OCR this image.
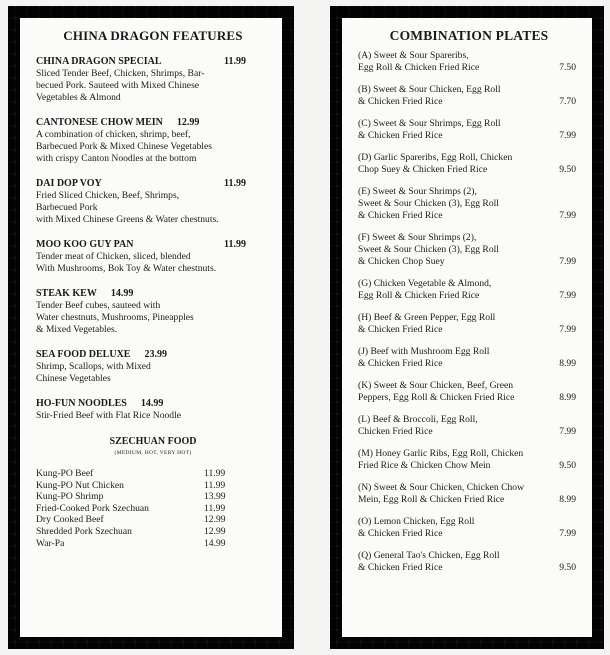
CHINA DRAGON FEATURES
CHINA DRAGON SPECIAL	11.99
Sliced Tender Beef, Chicken, Shrimps, Bar-
becued Pork. Sauteed with Mixed Chinese
Vegetables & Almond
CANTONESE CHOW MEIN 12.99
A combination of chicken, shrimp, beef,
Barbecued Pork & Mixed Chinese Vegetables
with crispy Canton Noodles at the bottom
DAI DOP VOY	11.99
Fried Sliced Chicken, Beef, Shrimps,
Barbecued Pork
with Mixed Chinese Greens & Water chestnuts.
MOO KOO GUY PAN	11.99
Tender meat of Chicken, sliced, blended
With Mushrooms, Bok Toy & Water chestnuts.
STEAK KEW 14.99
Tender Beef cubes, sauteed with
Water chestnuts, Mushrooms, Pineapples
& Mixed Vegetables.
SEA FOOD DELUXE 23.99
Shrimp, Scallops, with Mixed
Chinese Vegetables
HO-FUN NOODLES 14.99
Stir-Fried Beef with Flat Rice Noodle
SZECHUAN FOOD
(MEDIUM, HOT, VERY HOT)
Kung-PO Beef	11.99
Kung-PO Nut Chicken	11.99
Kung-PO Shrimp	13.99
Fried-Cooked Pork Szechuan	11.99
Dry Cooked Beef	12.99
Shredded Pork Szechuan	12.99
War-Pa	14.99
COMBINATION PLATES
(A) Sweet & Sour Spareribs,
Egg Roll & Chicken Fried Rice	7.50
(B) Sweet & Sour Chicken, Egg Roll
& Chicken Fried Rice	7.70
(C) Sweet & Sour Shrimps, Egg Roll
& Chicken Fried Rice	7.99
(D) Garlic Spareribs, Egg Roll, Chicken
Chop Suey & Chicken Fried Rice	9.50
(E) Sweet & Sour Shrimps (2),
Sweet & Sour Chicken (3), Egg Roll
& Chicken Fried Rice	7.99
(F) Sweet & Sour Shrimps (2),
Sweet & Sour Chicken (3), Egg Roll
& Chicken Chop Suey	7.99
(G) Chicken Vegetable & Almond,
Egg Roll & Chicken Fried Rice	7.99
(H) Beef & Green Pepper, Egg Roll
& Chicken Fried Rice	7.99
(J) Beef with Mushroom Egg Roll
& Chicken Fried Rice	8.99
(K) Sweet & Sour Chicken, Beef, Green
Peppers, Egg Roll & Chicken Fried Rice	8.99
(L) Beef & Broccoli, Egg Roll,
Chicken Fried Rice	7.99
(M) Honey Garlic Ribs, Egg Roll, Chicken
Fried Rice & Chicken Chow Mein	9.50
(N) Sweet & Sour Chicken, Chicken Chow
Mein, Egg Roll & Chicken Fried Rice	8.99
(O) Lemon Chicken, Egg Roll
& Chicken Fried Rice	7.99
(Q) General Tao's Chicken, Egg Roll
& Chicken Fried Rice	9.50
